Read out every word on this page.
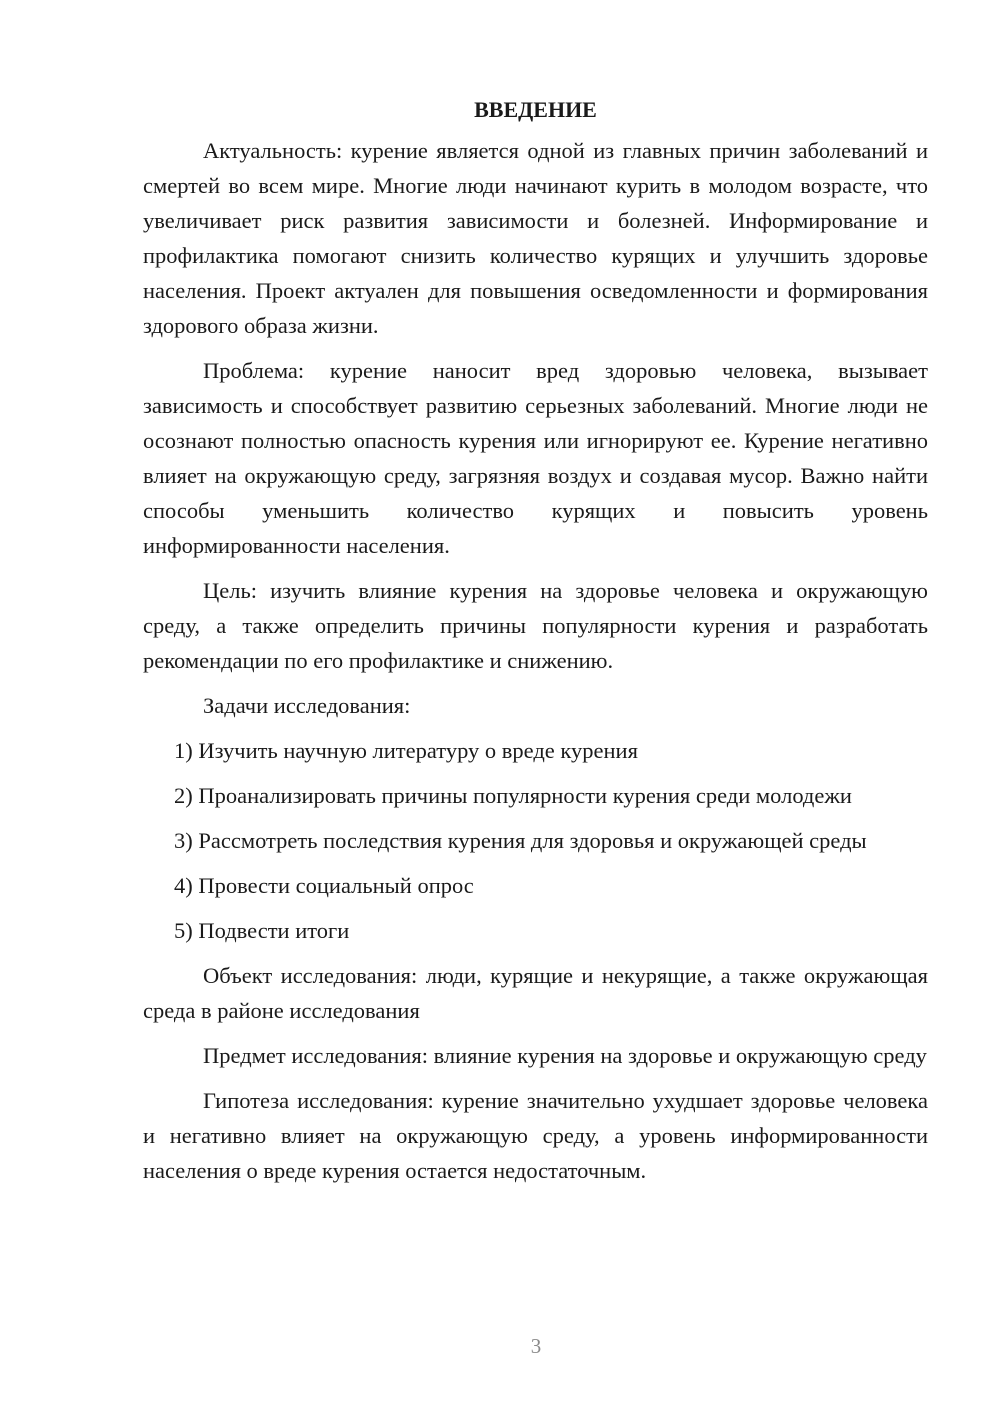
ВВЕДЕНИЕ

Актуальность: курение является одной из главных причин заболеваний и смертей во всем мире. Многие люди начинают курить в молодом возрасте, что увеличивает риск развития зависимости и болезней. Информирование и профилактика помогают снизить количество курящих и улучшить здоровье населения. Проект актуален для повышения осведомленности и формирования здорового образа жизни.

Проблема: курение наносит вред здоровью человека, вызывает зависимость и способствует развитию серьезных заболеваний. Многие люди не осознают полностью опасность курения или игнорируют ее. Курение негативно влияет на окружающую среду, загрязняя воздух и создавая мусор. Важно найти способы уменьшить количество курящих и повысить уровень информированности населения.

Цель: изучить влияние курения на здоровье человека и окружающую среду, а также определить причины популярности курения и разработать рекомендации по его профилактике и снижению.

Задачи исследования:

1) Изучить научную литературу о вреде курения

2) Проанализировать причины популярности курения среди молодежи

3) Рассмотреть последствия курения для здоровья и окружающей среды

4) Провести социальный опрос

5) Подвести итоги

Объект исследования: люди, курящие и некурящие, а также окружающая среда в районе исследования

Предмет исследования: влияние курения на здоровье и окружающую среду

Гипотеза исследования: курение значительно ухудшает здоровье человека и негативно влияет на окружающую среду, а уровень информированности населения о вреде курения остается недостаточным.

3
